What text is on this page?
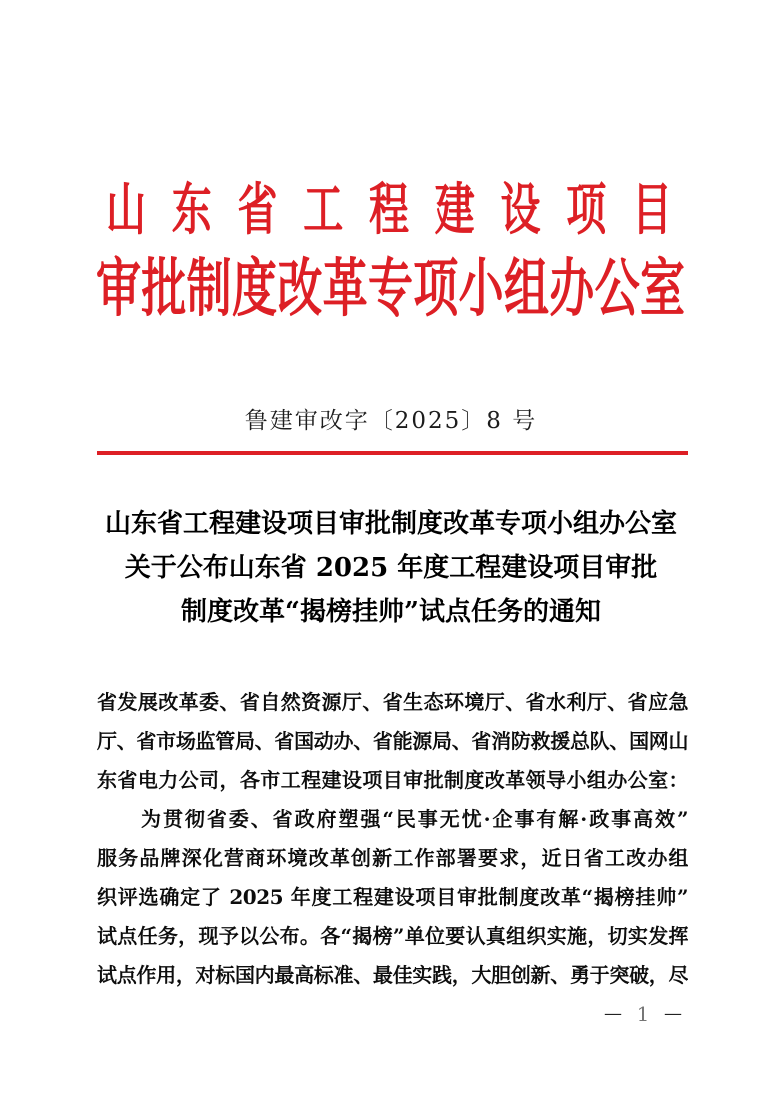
山 东 省 工 程 建 设 项 目
审 批 制 度 改 革 专 项 小 组 办 公 室
鲁建审改字〔2025〕8 号
山东省工程建设项目审批制度改革专项小组办公室
关于公布山东省 2025 年度工程建设项目审批
制度改革“揭榜挂帅”试点任务的通知
省发展改革委、省自然资源厅、省生态环境厅、省水利厅、省应急
厅、省市场监管局、省国动办、省能源局、省消防救援总队、国网山
东省电力公司，各市工程建设项目审批制度改革领导小组办公室：
为贯彻省委、省政府塑强“民事无忧·企事有解·政事高效”
服务品牌深化营商环境改革创新工作部署要求，近日省工改办组
织评选确定了 2025 年度工程建设项目审批制度改革“揭榜挂帅”
试点任务，现予以公布。各“揭榜”单位要认真组织实施，切实发挥
试点作用，对标国内最高标准、最佳实践，大胆创新、勇于突破，尽
— 1 —
